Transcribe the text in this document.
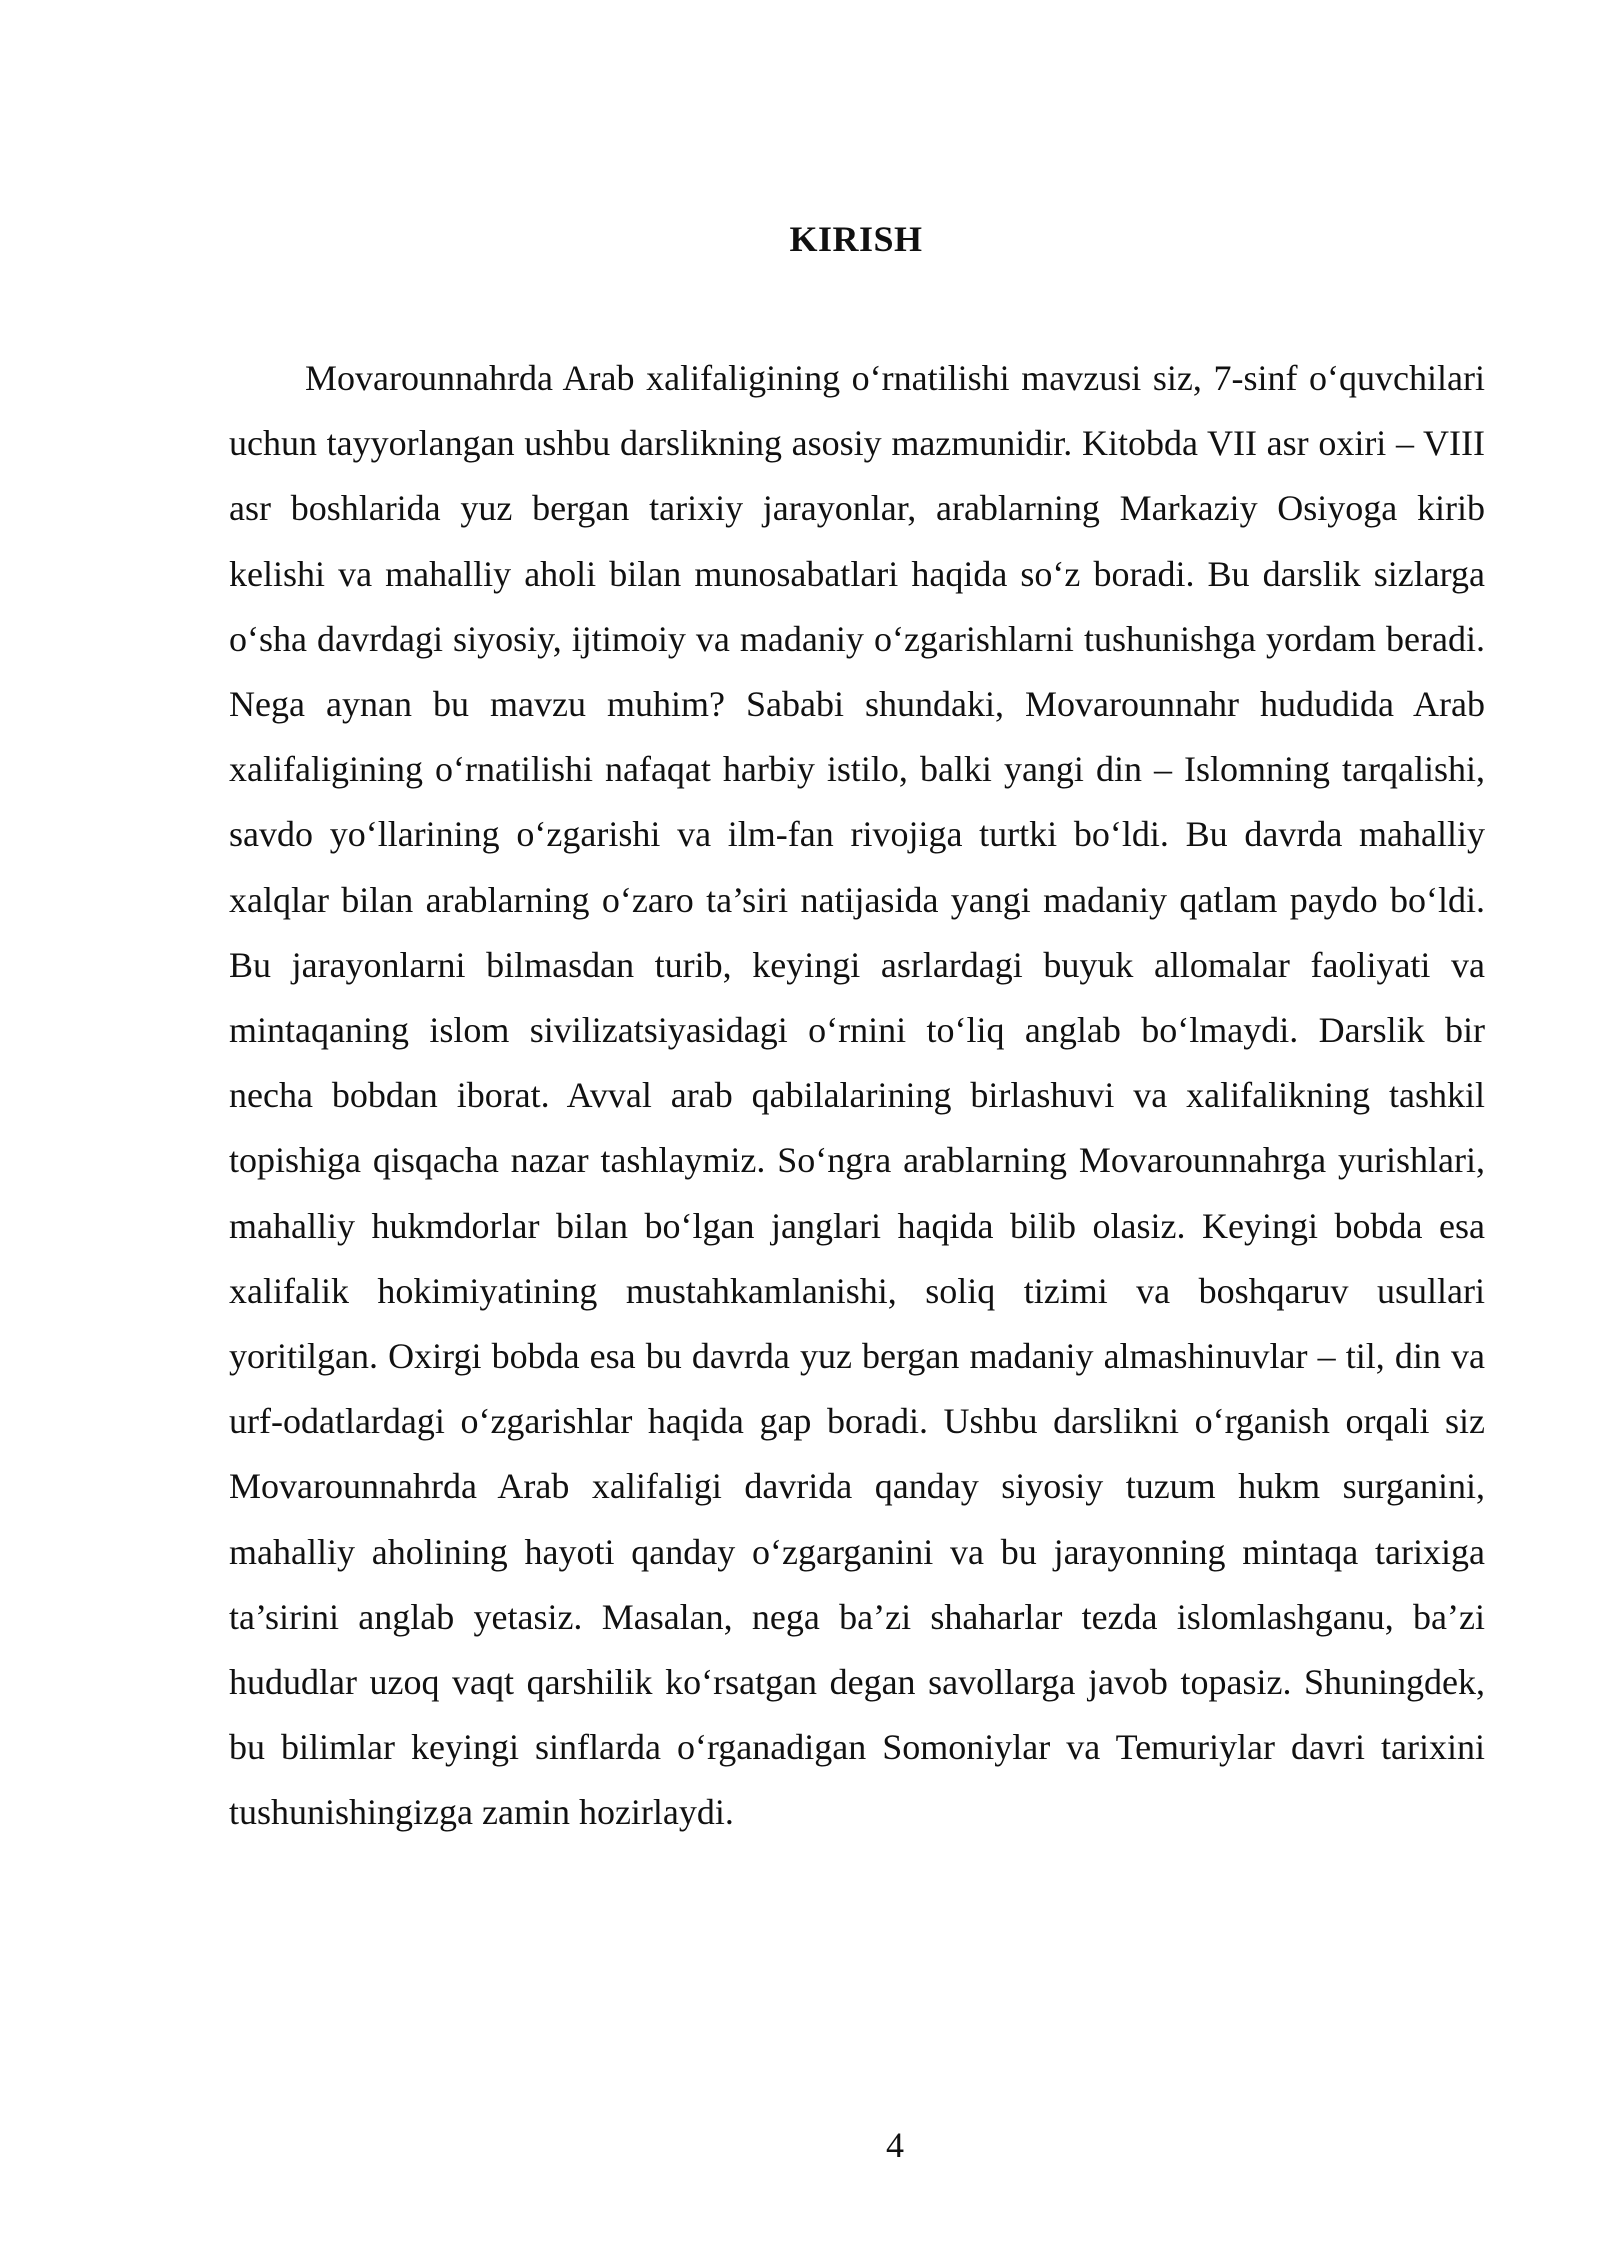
KIRISH

Movarounnahrda Arab xalifaligining o‘rnatilishi mavzusi siz, 7-sinf o‘quvchilari uchun tayyorlangan ushbu darslikning asosiy mazmunidir. Kitobda VII asr oxiri – VIII asr boshlarida yuz bergan tarixiy jarayonlar, arablarning Markaziy Osiyoga kirib kelishi va mahalliy aholi bilan munosabatlari haqida so‘z boradi. Bu darslik sizlarga o‘sha davrdagi siyosiy, ijtimoiy va madaniy o‘zgarishlarni tushunishga yordam beradi. Nega aynan bu mavzu muhim? Sababi shundaki, Movarounnahr hududida Arab xalifaligining o‘rnatilishi nafaqat harbiy istilo, balki yangi din – Islomning tarqalishi, savdo yo‘llarining o‘zgarishi va ilm-fan rivojiga turtki bo‘ldi. Bu davrda mahalliy xalqlar bilan arablarning o‘zaro ta’siri natijasida yangi madaniy qatlam paydo bo‘ldi. Bu jarayonlarni bilmasdan turib, keyingi asrlardagi buyuk allomalar faoliyati va mintaqaning islom sivilizatsiyasidagi o‘rnini to‘liq anglab bo‘lmaydi. Darslik bir necha bobdan iborat. Avval arab qabilalarining birlashuvi va xalifalikning tashkil topishiga qisqacha nazar tashlaymiz. So‘ngra arablarning Movarounnahrga yurishlari, mahalliy hukmdorlar bilan bo‘lgan janglari haqida bilib olasiz. Keyingi bobda esa xalifalik hokimiyatining mustahkamlanishi, soliq tizimi va boshqaruv usullari yoritilgan. Oxirgi bobda esa bu davrda yuz bergan madaniy almashinuvlar – til, din va urf-odatlardagi o‘zgarishlar haqida gap boradi. Ushbu darslikni o‘rganish orqali siz Movarounnahrda Arab xalifaligi davrida qanday siyosiy tuzum hukm surganini, mahalliy aholining hayoti qanday o‘zgarganini va bu jarayonning mintaqa tarixiga ta’sirini anglab yetasiz. Masalan, nega ba’zi shaharlar tezda islomlashganu, ba’zi hududlar uzoq vaqt qarshilik ko‘rsatgan degan savollarga javob topasiz. Shuningdek, bu bilimlar keyingi sinflarda o‘rganadigan Somoniylar va Temuriylar davri tarixini tushunishingizga zamin hozirlaydi.

4
